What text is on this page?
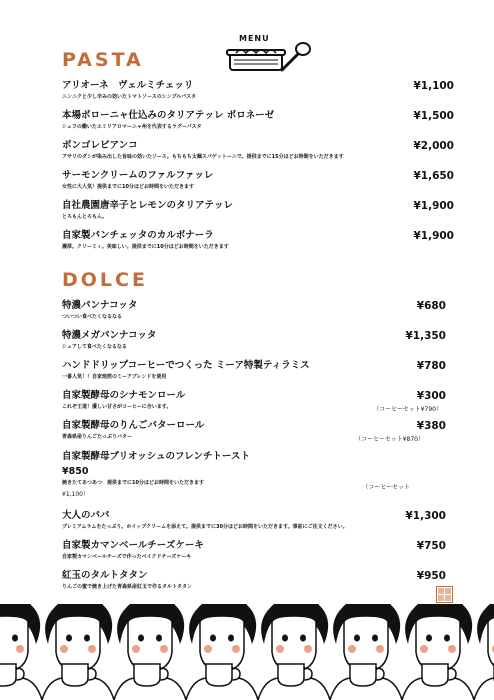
MENU
PASTA
アリオーネ　ヴェルミチェッリ	¥1,100
ニンニクと少し辛みの効いたトマトソースのシンプルパスタ
本場ボローニャ仕込みのタリアテッレ ボロネーゼ	¥1,500
シェフの働いたエミリアロマーニャ州を代表するラグーパスタ
ボンゴレビアンコ	¥2,000
アサリのダシが染み出した旨味の効いたソース。もちもち太麺スパゲットーニで。提供までに15分ほどお時間をいただきます
サーモンクリームのファルファッレ	¥1,650
女性に大人気！提供までに10分ほどお時間をいただきます
自社農園唐辛子とレモンのタリアテッレ	¥1,900
とろもんとろもん。
自家製パンチェッタのカルボナーラ	¥1,900
濃厚。クリーミィ。美味しい。提供までに10分ほどお時間をいただきます
DOLCE
特濃パンナコッタ	¥680
ついつい食べたくなるなる
特濃メガパンナコッタ	¥1,350
シェアして食べたくなるなる
ハンドドリップコーヒーでつくった ミーア特製ティラミス	¥780
一番人気！！自家焙煎のミーアブレンドを使用
自家製酵母のシナモンロール	¥300
これぞ王道！優しい甘さがコーヒーに合います。	（コーヒーセット¥790）
自家製酵母のりんごバターロール	¥380
青森県産りんごたっぷりバター	（コーヒーセット¥870）
自家製酵母ブリオッシュのフレンチトースト
¥850
焼きたてあつあつ　提供までに10分ほどお時間をいただきます
（コーヒーセット
¥1,100）
大人のババ	¥1,300
プレミアムラムをたっぷり。ホイップクリームを添えて。提供までに30分ほどお時間をいただきます。事前にご注文ください。
自家製カマンベールチーズケーキ	¥750
自家製カマンベールチーズで作ったベイクドチーズケーキ
紅玉のタルトタタン	¥950
りんごの蜜で焼き上げた青森県産紅玉で作るタルトタタン
